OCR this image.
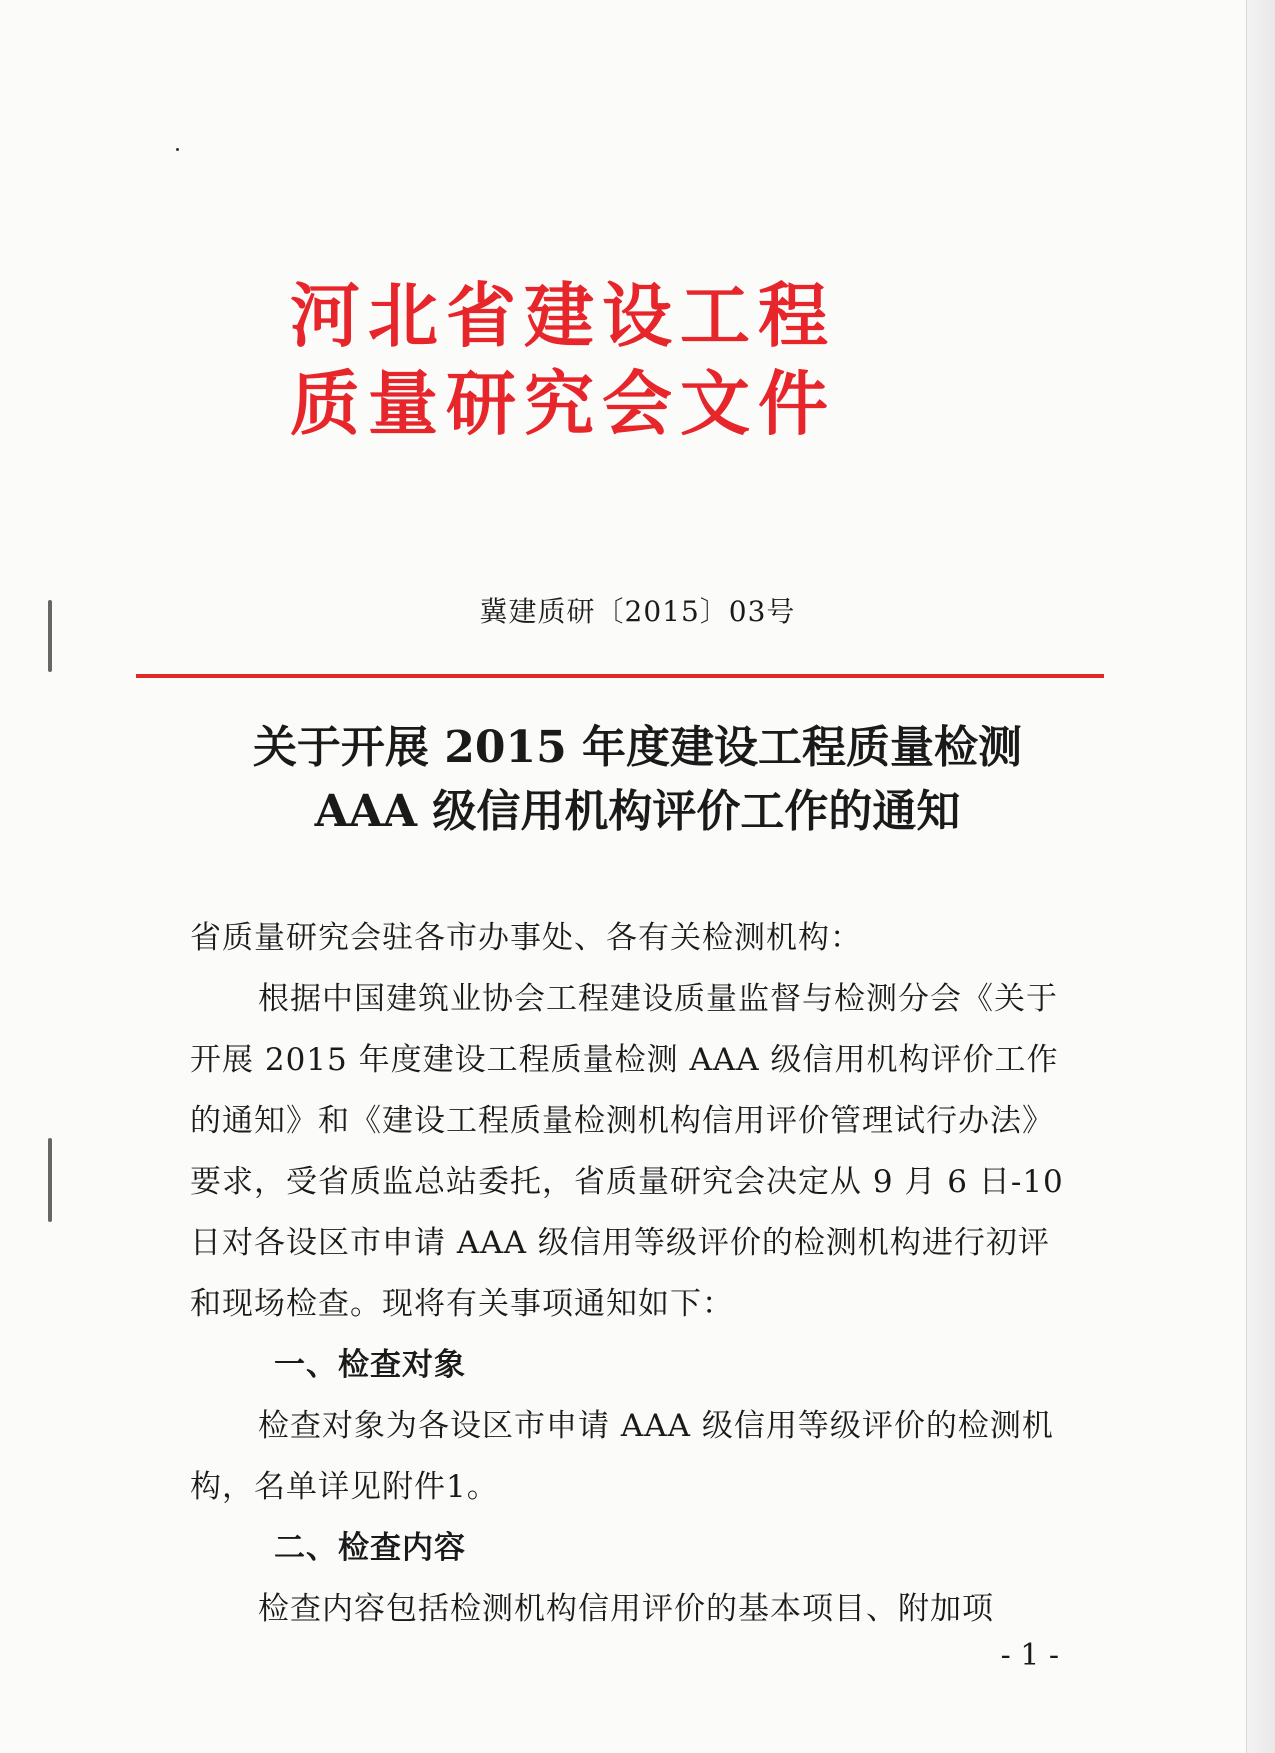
河北省建设工程
质量研究会文件

冀建质研〔2015〕03号

关于开展 2015 年度建设工程质量检测
AAA 级信用机构评价工作的通知

省质量研究会驻各市办事处、各有关检测机构：

根据中国建筑业协会工程建设质量监督与检测分会《关于开展 2015 年度建设工程质量检测 AAA 级信用机构评价工作的通知》和《建设工程质量检测机构信用评价管理试行办法》要求，受省质监总站委托，省质量研究会决定从 9 月 6 日-10 日对各设区市申请 AAA 级信用等级评价的检测机构进行初评和现场检查。现将有关事项通知如下：

一、检查对象

检查对象为各设区市申请 AAA 级信用等级评价的检测机构，名单详见附件1。

二、检查内容

检查内容包括检测机构信用评价的基本项目、附加项

- 1 -
